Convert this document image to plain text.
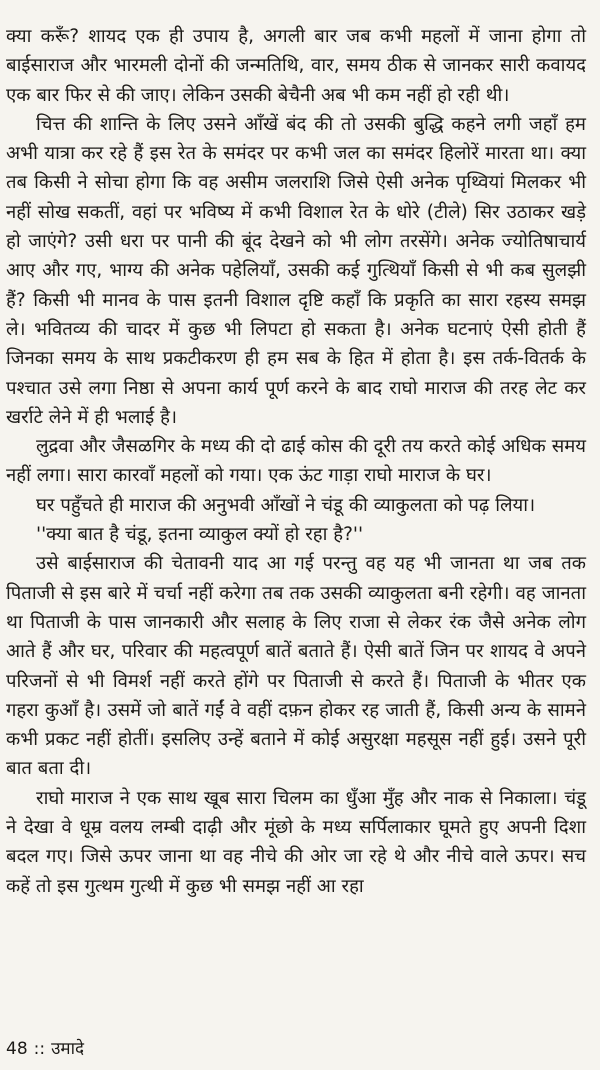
क्या करूँ? शायद एक ही उपाय है, अगली बार जब कभी महलों में जाना होगा तो बाईसाराज और भारमली दोनों की जन्मतिथि, वार, समय ठीक से जानकर सारी कवायद एक बार फिर से की जाए। लेकिन उसकी बेचैनी अब भी कम नहीं हो रही थी।

चित्त की शान्ति के लिए उसने आँखें बंद की तो उसकी बुद्धि कहने लगी जहाँ हम अभी यात्रा कर रहे हैं इस रेत के समंदर पर कभी जल का समंदर हिलोरें मारता था। क्या तब किसी ने सोचा होगा कि वह असीम जलराशि जिसे ऐसी अनेक पृथ्वियां मिलकर भी नहीं सोख सकतीं, वहां पर भविष्य में कभी विशाल रेत के धोरे (टीले) सिर उठाकर खड़े हो जाएंगे? उसी धरा पर पानी की बूंद देखने को भी लोग तरसेंगे। अनेक ज्योतिषाचार्य आए और गए, भाग्य की अनेक पहेलियाँ, उसकी कई गुत्थियाँ किसी से भी कब सुलझी हैं? किसी भी मानव के पास इतनी विशाल दृष्टि कहाँ कि प्रकृति का सारा रहस्य समझ ले। भवितव्य की चादर में कुछ भी लिपटा हो सकता है। अनेक घटनाएं ऐसी होती हैं जिनका समय के साथ प्रकटीकरण ही हम सब के हित में होता है। इस तर्क-वितर्क के पश्चात उसे लगा निष्ठा से अपना कार्य पूर्ण करने के बाद राघो माराज की तरह लेट कर खर्राटे लेने में ही भलाई है।

लुद्रवा और जैसळगिर के मध्य की दो ढाई कोस की दूरी तय करते कोई अधिक समय नहीं लगा। सारा कारवाँ महलों को गया। एक ऊंट गाड़ा राघो माराज के घर।

घर पहुँचते ही माराज की अनुभवी आँखों ने चंडू की व्याकुलता को पढ़ लिया।

''क्या बात है चंडू, इतना व्याकुल क्यों हो रहा है?''

उसे बाईसाराज की चेतावनी याद आ गई परन्तु वह यह भी जानता था जब तक पिताजी से इस बारे में चर्चा नहीं करेगा तब तक उसकी व्याकुलता बनी रहेगी। वह जानता था पिताजी के पास जानकारी और सलाह के लिए राजा से लेकर रंक जैसे अनेक लोग आते हैं और घर, परिवार की महत्वपूर्ण बातें बताते हैं। ऐसी बातें जिन पर शायद वे अपने परिजनों से भी विमर्श नहीं करते होंगे पर पिताजी से करते हैं। पिताजी के भीतर एक गहरा कुआँ है। उसमें जो बातें गईं वे वहीं दफ़न होकर रह जाती हैं, किसी अन्य के सामने कभी प्रकट नहीं होतीं। इसलिए उन्हें बताने में कोई असुरक्षा महसूस नहीं हुई। उसने पूरी बात बता दी।

राघो माराज ने एक साथ खूब सारा चिलम का धुँआ मुँह और नाक से निकाला। चंडू ने देखा वे धूम्र वलय लम्बी दाढ़ी और मूंछो के मध्य सर्पिलाकार घूमते हुए अपनी दिशा बदल गए। जिसे ऊपर जाना था वह नीचे की ओर जा रहे थे और नीचे वाले ऊपर। सच कहें तो इस गुत्थम गुत्थी में कुछ भी समझ नहीं आ रहा

48 :: उमादे
